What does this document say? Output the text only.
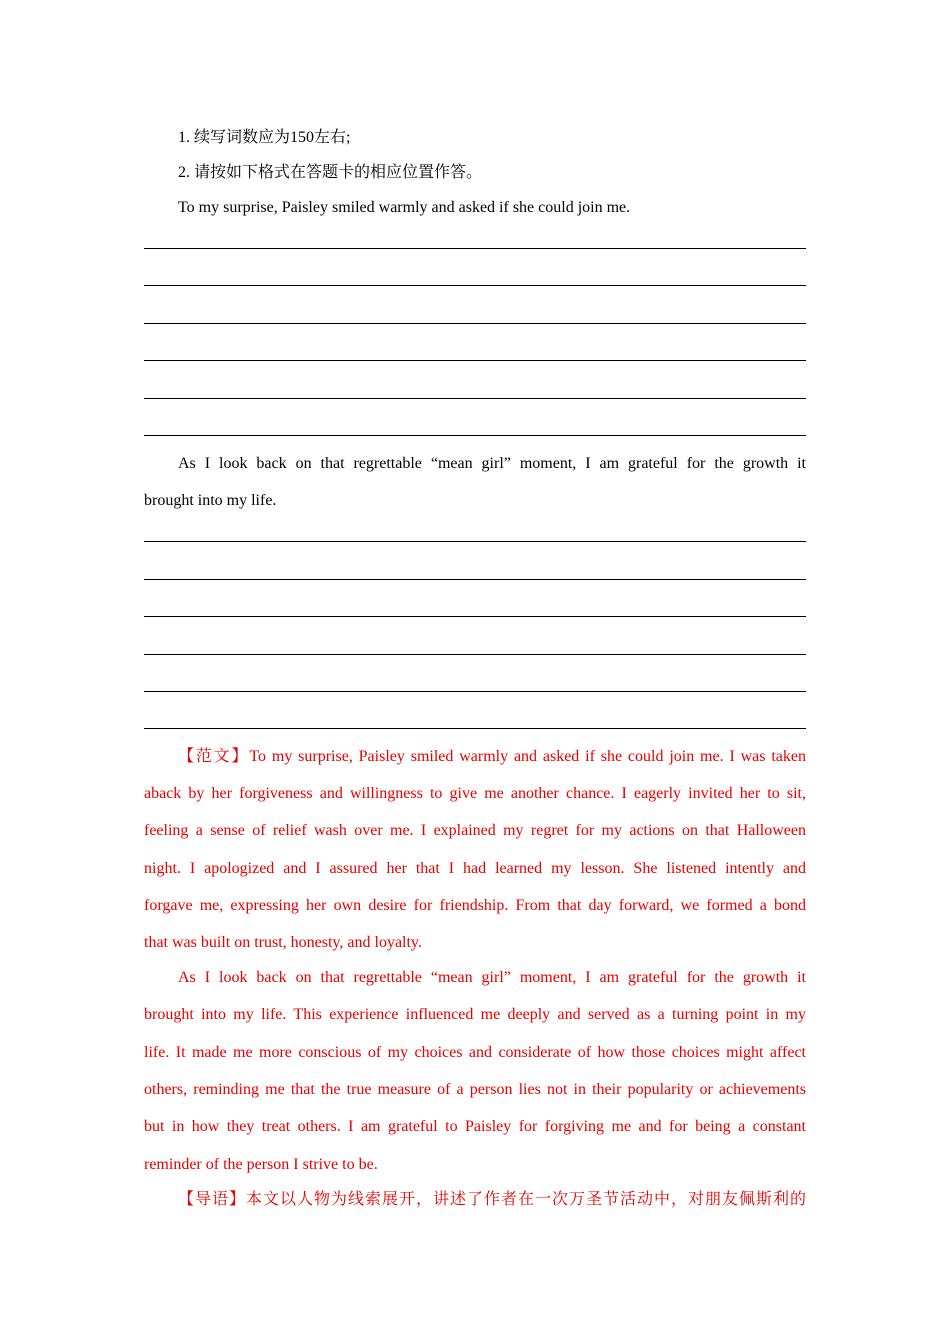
1. 续写词数应为150左右;
2. 请按如下格式在答题卡的相应位置作答。
To my surprise, Paisley smiled warmly and asked if she could join me.
As I look back on that regrettable “mean girl” moment, I am grateful for the growth it
brought into my life.
【范文】To my surprise, Paisley smiled warmly and asked if she could join me. I was taken
aback by her forgiveness and willingness to give me another chance. I eagerly invited her to sit,
feeling a sense of relief wash over me. I explained my regret for my actions on that Halloween
night. I apologized and I assured her that I had learned my lesson. She listened intently and
forgave me, expressing her own desire for friendship. From that day forward, we formed a bond
that was built on trust, honesty, and loyalty.
As I look back on that regrettable “mean girl” moment, I am grateful for the growth it
brought into my life. This experience influenced me deeply and served as a turning point in my
life. It made me more conscious of my choices and considerate of how those choices might affect
others, reminding me that the true measure of a person lies not in their popularity or achievements
but in how they treat others. I am grateful to Paisley for forgiving me and for being a constant
reminder of the person I strive to be.
【导语】本文以人物为线索展开，讲述了作者在一次万圣节活动中，对朋友佩斯利的
